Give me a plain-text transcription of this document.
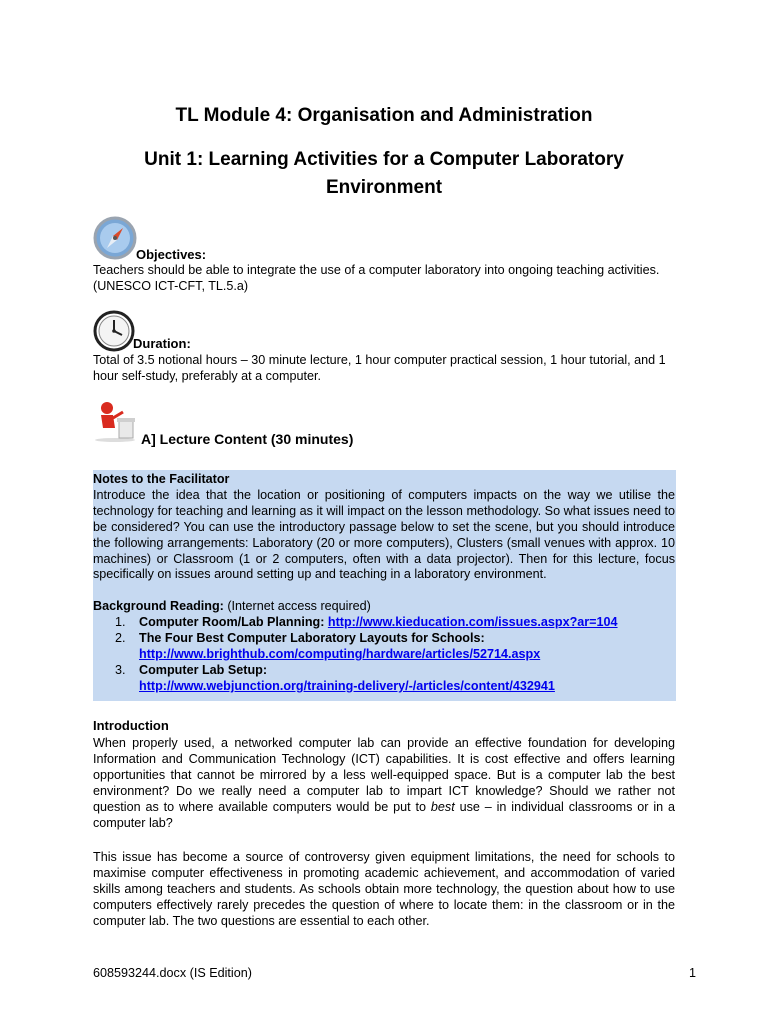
TL Module 4: Organisation and Administration
Unit 1: Learning Activities for a Computer Laboratory Environment
Objectives:
Teachers should be able to integrate the use of a computer laboratory into ongoing teaching activities. (UNESCO ICT-CFT, TL.5.a)
Duration:
Total of 3.5 notional hours – 30 minute lecture, 1 hour computer practical session, 1 hour tutorial, and 1 hour self-study, preferably at a computer.
A] Lecture Content (30 minutes)
Notes to the Facilitator
Introduce the idea that the location or positioning of computers impacts on the way we utilise the technology for teaching and learning as it will impact on the lesson methodology. So what issues need to be considered? You can use the introductory passage below to set the scene, but you should introduce the following arrangements: Laboratory (20 or more computers), Clusters (small venues with approx. 10 machines) or Classroom (1 or 2 computers, often with a data projector). Then for this lecture, focus specifically on issues around setting up and teaching in a laboratory environment.
Background Reading: (Internet access required)
1. Computer Room/Lab Planning: http://www.kieducation.com/issues.aspx?ar=104
2. The Four Best Computer Laboratory Layouts for Schools:
http://www.brighthub.com/computing/hardware/articles/52714.aspx
3. Computer Lab Setup:
http://www.webjunction.org/training-delivery/-/articles/content/432941
Introduction
When properly used, a networked computer lab can provide an effective foundation for developing Information and Communication Technology (ICT) capabilities. It is cost effective and offers learning opportunities that cannot be mirrored by a less well-equipped space. But is a computer lab the best environment? Do we really need a computer lab to impart ICT knowledge? Should we rather not question as to where available computers would be put to best use – in individual classrooms or in a computer lab?
This issue has become a source of controversy given equipment limitations, the need for schools to maximise computer effectiveness in promoting academic achievement, and accommodation of varied skills among teachers and students. As schools obtain more technology, the question about how to use computers effectively rarely precedes the question of where to locate them: in the classroom or in the computer lab. The two questions are essential to each other.
608593244.docx (IS Edition)	1
